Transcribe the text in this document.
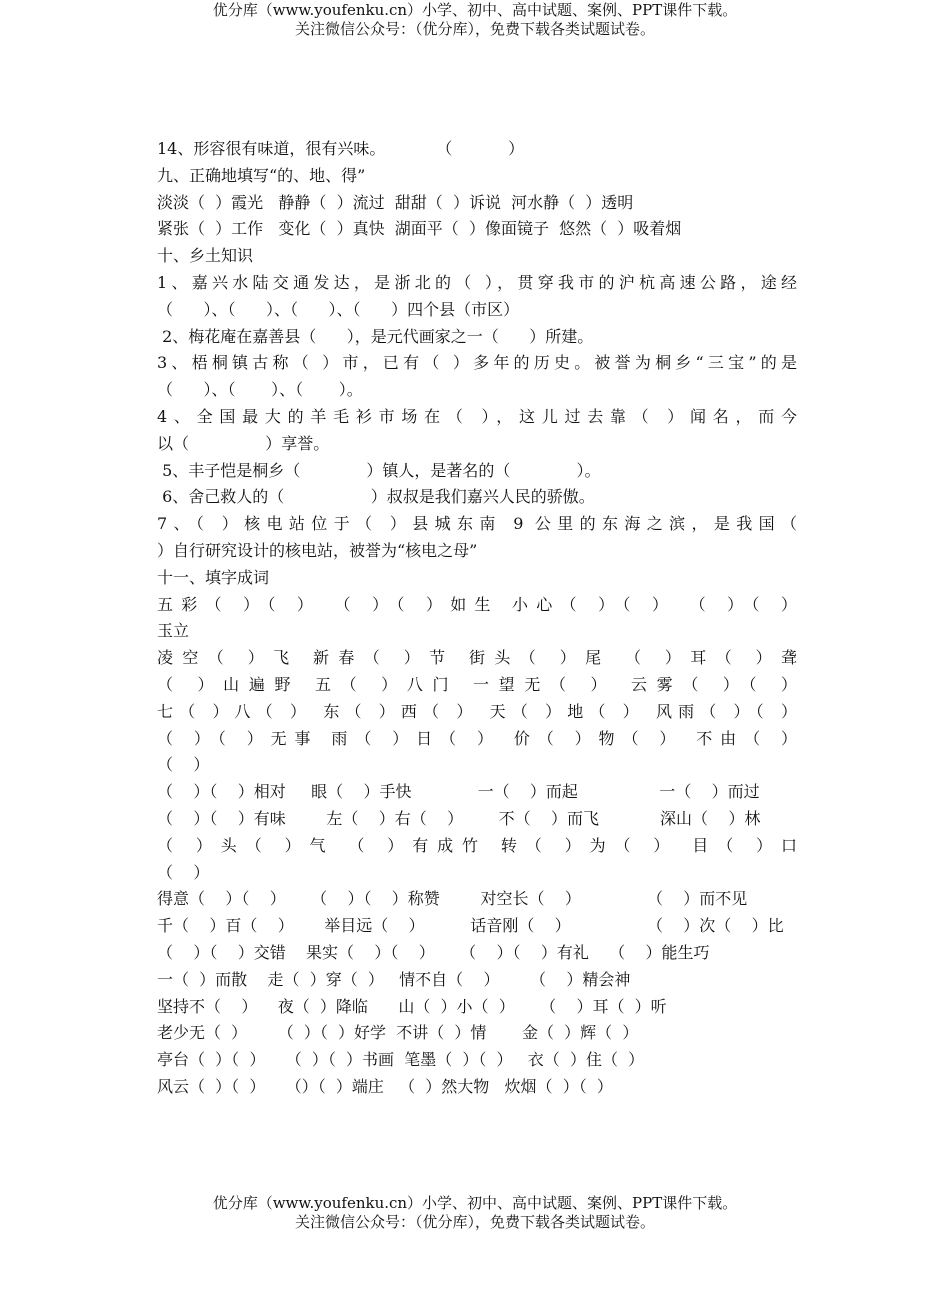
优分库（www.youfenku.cn）小学、初中、高中试题、案例、PPT课件下载。
关注微信公众号：（优分库），免费下载各类试题试卷。
14、形容很有味道，很有兴味。          （           ）
九、正确地填写“的、地、得”
淡淡（  ）霞光   静静（  ）流过  甜甜（  ）诉说  河水静（  ）透明
紧张（  ）工作   变化（  ）真快  湖面平（  ）像面镜子  悠然（  ）吸着烟
十、乡土知识
1、嘉兴水陆交通发达，是浙北的（ ），贯穿我市的沪杭高速公路，途经
（      ）、（      ）、（      ）、（      ）四个县（市区）
2、梅花庵在嘉善县（      ），是元代画家之一（      ）所建。
3、梧桐镇古称（ ）市，已有（ ）多年的历史。被誉为桐乡“三宝”的是
（      ）、（       ）、（       ）。
4、全国最大的羊毛衫市场在（ ），这儿过去靠（ ）闻名，而今
以（               ）享誉。
5、丰子恺是桐乡（             ）镇人，是著名的（             ）。
6、舍己救人的（                 ）叔叔是我们嘉兴人民的骄傲。
7、（ ）核电站位于（ ）县城东南 9 公里的东海之滨，是我国（
）自行研究设计的核电站，被誉为“核电之母”
十一、填字成词
五彩（ ）（ ） （ ）（ ）如生 小心（ ）（ ） （ ）（ ）
玉立
凌空（ ）飞 新春（ ）节 街头（ ）尾 （ ）耳（ ）聋
（ ）山遍野 五（ ）八门 一望无（ ） 云雾（ ）（ ）
七（ ）八（ ） 东（ ）西（ ） 天（ ）地（ ） 风雨（ ）（ ）
（ ）（ ）无事 雨（ ）日（ ） 价（ ）物（ ） 不由（ ）
（    ）
（    ）（    ）相对     眼（    ）手快             一（    ）而起                一（    ）而过
（    ）（    ）有味        左（    ）右（    ）       不（    ）而飞            深山（    ）林
（ ）头（ ）气 （ ）有成竹 转（ ）为（ ） 目（ ）口
（    ）
得意（    ）（    ）     （    ）（    ）称赞        对空长（    ）             （    ）而不见
千（    ）百（    ）      举目远（    ）         话音刚（    ）               （    ）次（    ）比
（    ）（    ）交错    果实（    ）（    ）     （    ）（    ）有礼    （    ）能生巧
一（  ）而散    走（  ）穿（  ）   情不自（    ）      （    ）精会神
坚持不（    ）    夜（  ）降临      山（  ）小（  ）     （    ）耳（  ）听
老少无（  ）      （  ）（  ）好学  不讲（  ）情       金（  ）辉（  ）
亭台（  ）（  ）    （  ）（  ）书画  笔墨（  ）（  ）   衣（  ）住（  ）
风云（  ）（  ）    （）（  ）端庄   （  ）然大物   炊烟（  ）（  ）
优分库（www.youfenku.cn）小学、初中、高中试题、案例、PPT课件下载。
关注微信公众号：（优分库），免费下载各类试题试卷。
